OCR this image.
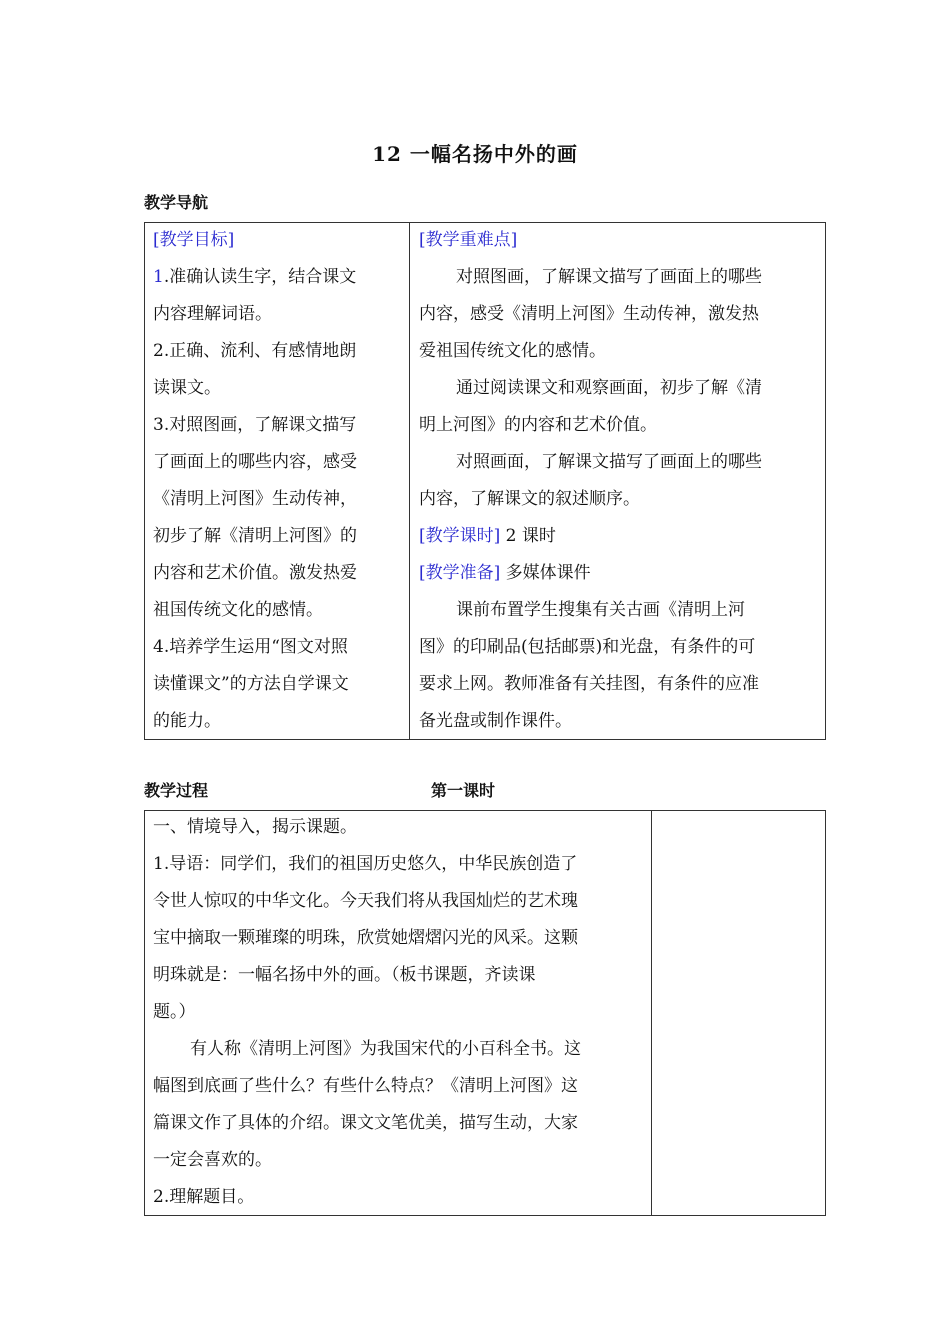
12 一幅名扬中外的画
教学导航
[教学目标]
1.准确认读生字，结合课文
内容理解词语。
2.正确、流利、有感情地朗
读课文。
3.对照图画，了解课文描写
了画面上的哪些内容，感受
《清明上河图》生动传神，
初步了解《清明上河图》的
内容和艺术价值。激发热爱
祖国传统文化的感情。
4.培养学生运用“图文对照
读懂课文”的方法自学课文
的能力。
[教学重难点]
对照图画，了解课文描写了画面上的哪些
内容，感受《清明上河图》生动传神，激发热
爱祖国传统文化的感情。
通过阅读课文和观察画面，初步了解《清
明上河图》的内容和艺术价值。
对照画面，了解课文描写了画面上的哪些
内容，了解课文的叙述顺序。
[教学课时] 2 课时
[教学准备] 多媒体课件
课前布置学生搜集有关古画《清明上河
图》的印刷品(包括邮票)和光盘，有条件的可
要求上网。教师准备有关挂图，有条件的应准
备光盘或制作课件。
教学过程	第一课时
一、情境导入，揭示课题。
1.导语：同学们，我们的祖国历史悠久，中华民族创造了
令世人惊叹的中华文化。今天我们将从我国灿烂的艺术瑰
宝中摘取一颗璀璨的明珠，欣赏她熠熠闪光的风采。这颗
明珠就是：一幅名扬中外的画。（板书课题，齐读课
题。）
有人称《清明上河图》为我国宋代的小百科全书。这
幅图到底画了些什么？有些什么特点？《清明上河图》这
篇课文作了具体的介绍。课文文笔优美，描写生动，大家
一定会喜欢的。
2.理解题目。
